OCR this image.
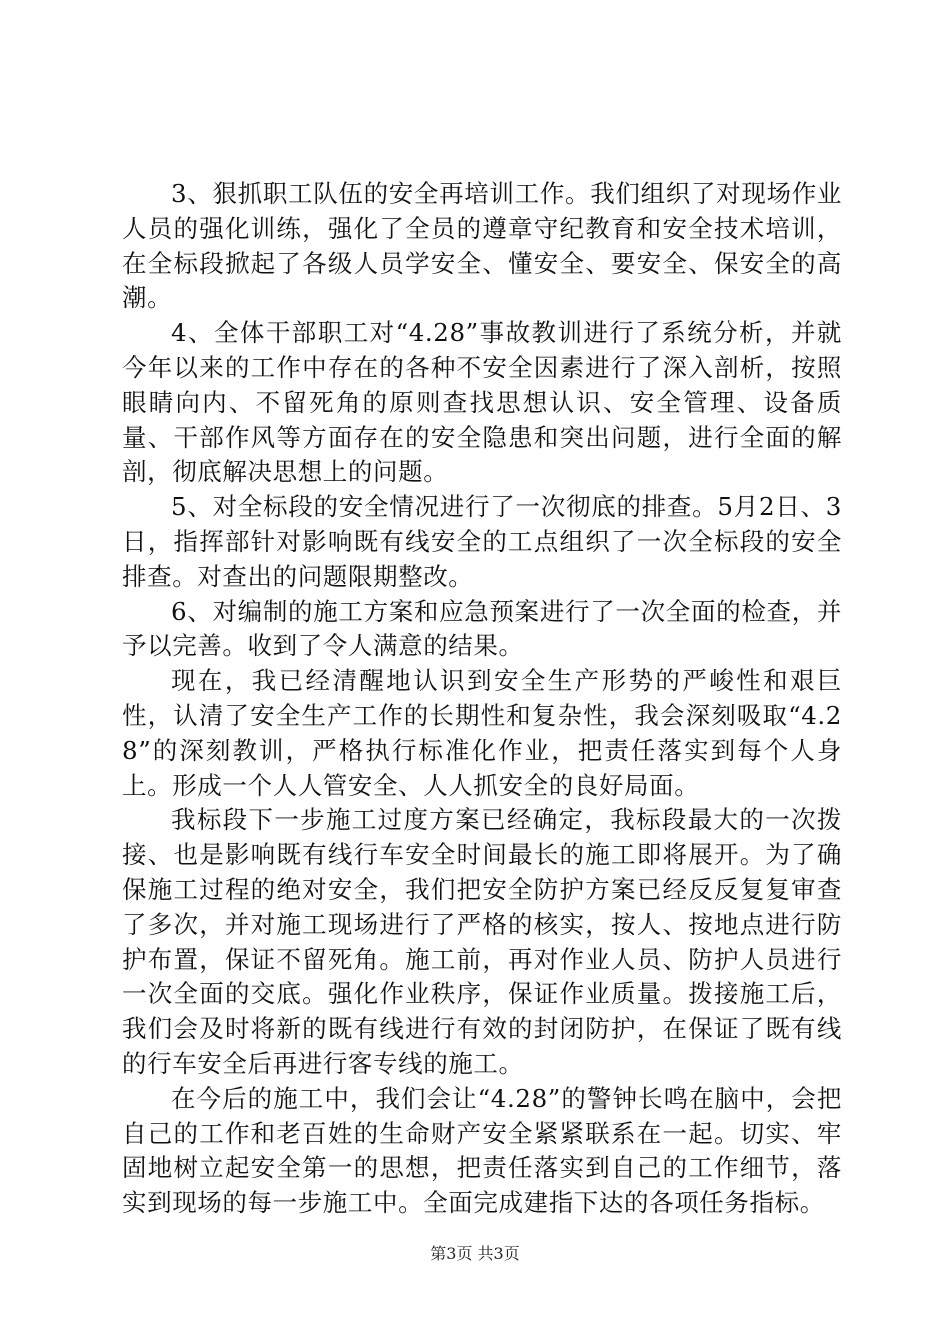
3、狠抓职工队伍的安全再培训工作。我们组织了对现场作业人员的强化训练，强化了全员的遵章守纪教育和安全技术培训，在全标段掀起了各级人员学安全、懂安全、要安全、保安全的高潮。

4、全体干部职工对“4.28”事故教训进行了系统分析，并就今年以来的工作中存在的各种不安全因素进行了深入剖析，按照眼睛向内、不留死角的原则查找思想认识、安全管理、设备质量、干部作风等方面存在的安全隐患和突出问题，进行全面的解剖，彻底解决思想上的问题。

5、对全标段的安全情况进行了一次彻底的排查。5月2日、3日，指挥部针对影响既有线安全的工点组织了一次全标段的安全排查。对查出的问题限期整改。

6、对编制的施工方案和应急预案进行了一次全面的检查，并予以完善。收到了令人满意的结果。

现在，我已经清醒地认识到安全生产形势的严峻性和艰巨性，认清了安全生产工作的长期性和复杂性，我会深刻吸取“4.28”的深刻教训，严格执行标准化作业，把责任落实到每个人身上。形成一个人人管安全、人人抓安全的良好局面。

我标段下一步施工过度方案已经确定，我标段最大的一次拨接、也是影响既有线行车安全时间最长的施工即将展开。为了确保施工过程的绝对安全，我们把安全防护方案已经反反复复审查了多次，并对施工现场进行了严格的核实，按人、按地点进行防护布置，保证不留死角。施工前，再对作业人员、防护人员进行一次全面的交底。强化作业秩序，保证作业质量。拨接施工后，我们会及时将新的既有线进行有效的封闭防护，在保证了既有线的行车安全后再进行客专线的施工。

在今后的施工中，我们会让“4.28”的警钟长鸣在脑中，会把自己的工作和老百姓的生命财产安全紧紧联系在一起。切实、牢固地树立起安全第一的思想，把责任落实到自己的工作细节，落实到现场的每一步施工中。全面完成建指下达的各项任务指标。

第3页 共3页
